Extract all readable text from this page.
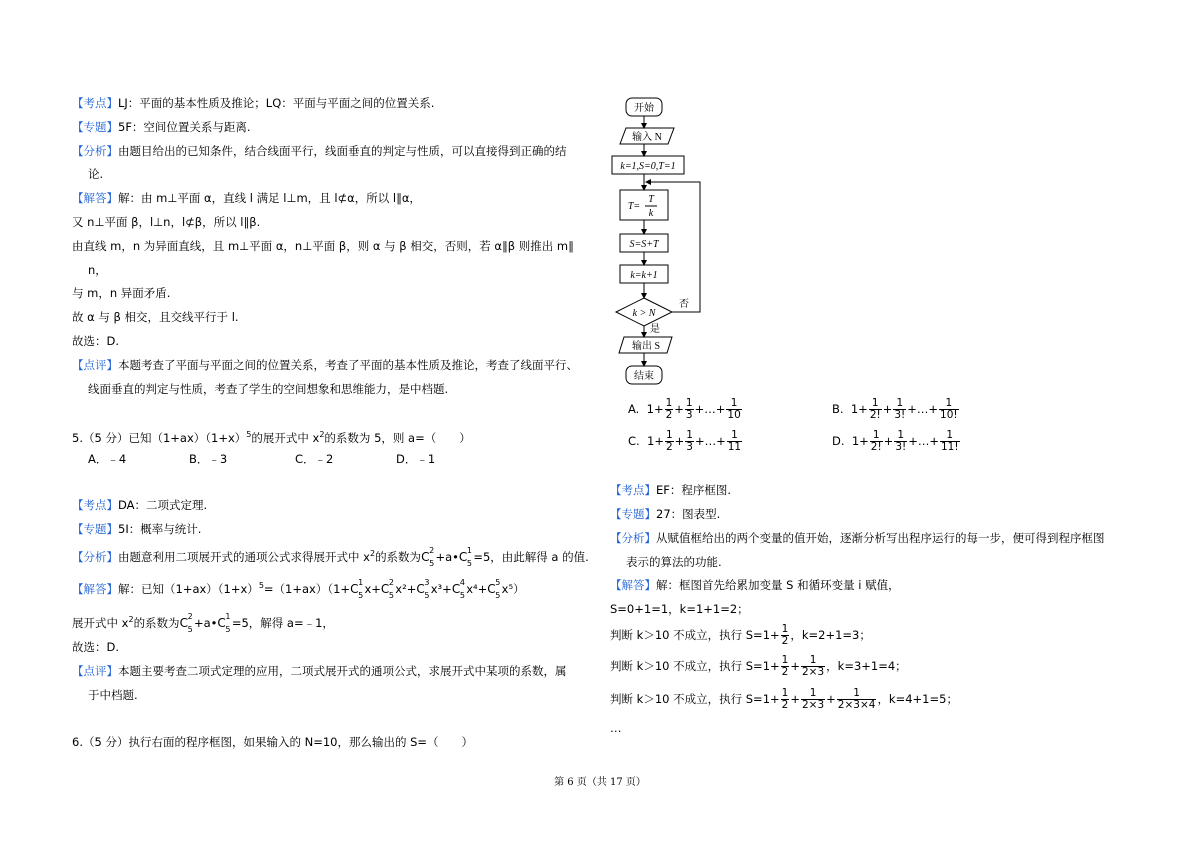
【考点】LJ：平面的基本性质及推论；LQ：平面与平面之间的位置关系.
【专题】5F：空间位置关系与距离.
【分析】由题目给出的已知条件，结合线面平行，线面垂直的判定与性质，可以直接得到正确的结
论.
【解答】解：由 m⊥平面 α，直线 l 满足 l⊥m，且 l⊄α，所以 l∥α，
又 n⊥平面 β，l⊥n，l⊄β，所以 l∥β.
由直线 m，n 为异面直线，且 m⊥平面 α，n⊥平面 β，则 α 与 β 相交，否则，若 α∥β 则推出 m∥
n，
与 m，n 异面矛盾.
故 α 与 β 相交，且交线平行于 l.
故选：D.
【点评】本题考查了平面与平面之间的位置关系，考查了平面的基本性质及推论，考查了线面平行、
线面垂直的判定与性质，考查了学生的空间想象和思维能力，是中档题.
5.（5 分）已知$(1+ax)(1+x)^5$的展开式中 $x^2$的系数为 5，则 a=（　　）
A．﹣4	B．﹣3	C．﹣2	D．﹣1
【考点】DA：二项式定理.
【专题】5I：概率与统计.
【分析】由题意利用二项展开式的通项公式求得展开式中 $x^2$的系数为C 2
5 +a•C 1
5 =5，由此解得 a 的值.
【解答】解：已知$(1+ax)(1+x)^5=(1+ax)(1+C$ 1
5 x+C 2
5 x²+C 3
5 x³+C 4
5 x⁴+C 5
5 x⁵）
展开式中 $x^2$的系数为C 2
5 +a•C 1
5 =5，解得 a=﹣1，
故选：D.
【点评】本题主要考查二项式定理的应用，二项式展开式的通项公式，求展开式中某项的系数，属
于中档题.
6.（5 分）执行右面的程序框图，如果输入的 N=10，那么输出的 S=（　　）
开始
输入 N
k=1,S=0,T=1
T=
T
k
S=S+T
k=k+1
k > N
否
是
输出 S
结束
A. $1+ \frac{1}{2} + \frac{1}{3}$ +…+ $\frac{1}{10}$	B. $1+ \frac{1}{2!} + \frac{1}{3!}$ +…+ $\frac{1}{10!}$
C. $1+ \frac{1}{2} + \frac{1}{3}$ +…+ $\frac{1}{11}$	D. $1+ \frac{1}{2!} + \frac{1}{3!}$ +…+ $\frac{1}{11!}$
【考点】EF：程序框图.
【专题】27：图表型.
【分析】从赋值框给出的两个变量的值开始，逐渐分析写出程序运行的每一步，便可得到程序框图
表示的算法的功能.
【解答】解：框图首先给累加变量 S 和循环变量 i 赋值，
S=0+1=1，k=1+1=2；
判断 k＞10 不成立，执行 $S=1+ \frac{1}{2}$ ，k=2+1=3；
判断 k＞10 不成立，执行 $S=1+ \frac{1}{2} + \frac{1}{2\times 3}$ ，k=3+1=4；
判断 k＞10 不成立，执行 $S=1+ \frac{1}{2} + \frac{1}{2\times 3} + \frac{1}{2\times 3\times 4}$ ，k=4+1=5；
…
第 6 页（共 17 页）
